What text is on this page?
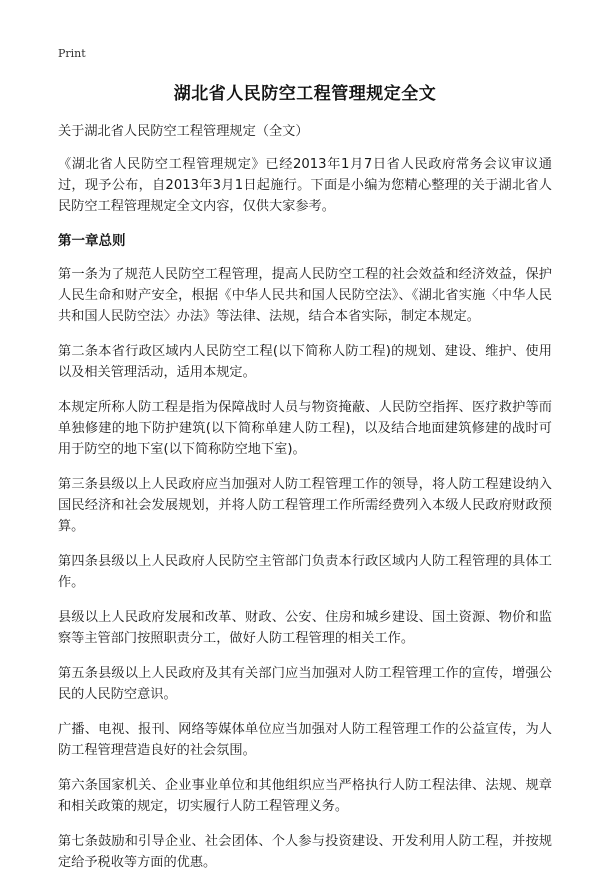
Print
湖北省人民防空工程管理规定全文

关于湖北省人民防空工程管理规定（全文）

《湖北省人民防空工程管理规定》已经2013年1月7日省人民政府常务会议审议通过，现予公布，自2013年3月1日起施行。下面是小编为您精心整理的关于湖北省人民防空工程管理规定全文内容，仅供大家参考。

第一章总则

第一条为了规范人民防空工程管理，提高人民防空工程的社会效益和经济效益，保护人民生命和财产安全，根据《中华人民共和国人民防空法》、《湖北省实施〈中华人民共和国人民防空法〉办法》等法律、法规，结合本省实际，制定本规定。

第二条本省行政区域内人民防空工程(以下简称人防工程)的规划、建设、维护、使用以及相关管理活动，适用本规定。

本规定所称人防工程是指为保障战时人员与物资掩蔽、人民防空指挥、医疗救护等而单独修建的地下防护建筑(以下简称单建人防工程)，以及结合地面建筑修建的战时可用于防空的地下室(以下简称防空地下室)。

第三条县级以上人民政府应当加强对人防工程管理工作的领导，将人防工程建设纳入国民经济和社会发展规划，并将人防工程管理工作所需经费列入本级人民政府财政预算。

第四条县级以上人民政府人民防空主管部门负责本行政区域内人防工程管理的具体工作。

县级以上人民政府发展和改革、财政、公安、住房和城乡建设、国土资源、物价和监察等主管部门按照职责分工，做好人防工程管理的相关工作。

第五条县级以上人民政府及其有关部门应当加强对人防工程管理工作的宣传，增强公民的人民防空意识。

广播、电视、报刊、网络等媒体单位应当加强对人防工程管理工作的公益宣传，为人防工程管理营造良好的社会氛围。

第六条国家机关、企业事业单位和其他组织应当严格执行人防工程法律、法规、规章和相关政策的规定，切实履行人防工程管理义务。

第七条鼓励和引导企业、社会团体、个人参与投资建设、开发利用人防工程，并按规定给予税收等方面的优惠。
